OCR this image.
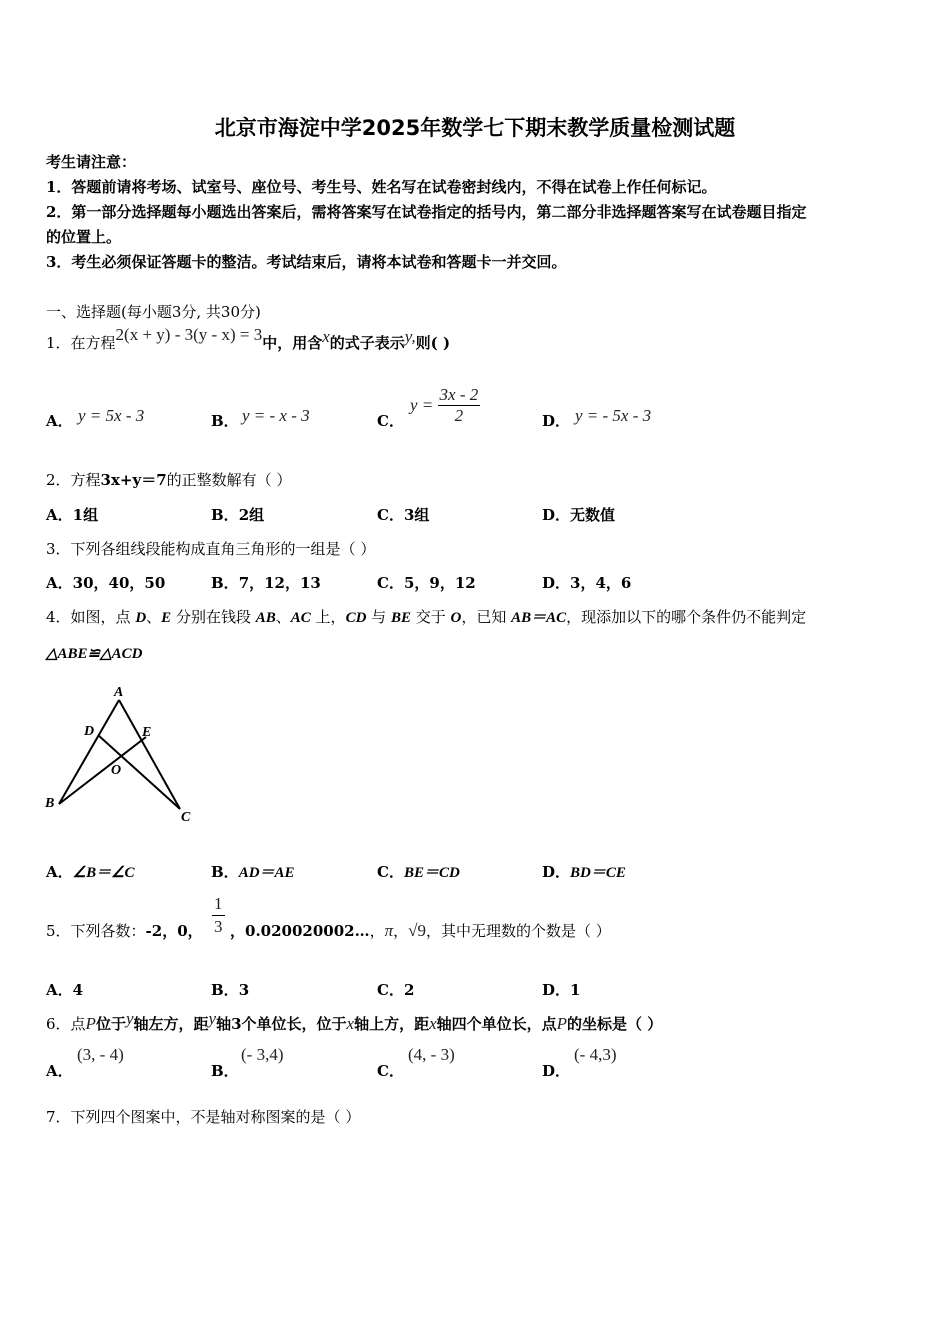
北京市海淀中学2025年数学七下期末教学质量检测试题
考生请注意：
1．答题前请将考场、试室号、座位号、考生号、姓名写在试卷密封线内，不得在试卷上作任何标记。
2．第一部分选择题每小题选出答案后，需将答案写在试卷指定的括号内，第二部分非选择题答案写在试卷题目指定
的位置上。
3．考生必须保证答题卡的整洁。考试结束后，请将本试卷和答题卡一并交回。
一、选择题(每小题3分, 共30分)
1．在方程2(x + y) - 3(y - x) = 3中，用含x的式子表示y,则( )
A． y = 5x - 3	B． y = - x - 3	C．
$y = \frac{3x - 2}{2}$	D． y = - 5x - 3
2．方程3x+y＝7的正整数解有（ ）
A．1组	B．2组	C．3组	D．无数值
3．下列各组线段能构成直角三角形的一组是（ ）
A．30，40，50	B．7，12，13	C．5，9，12	D．3，4，6
4．如图，点 D、E 分别在钱段 AB、AC 上，CD 与 BE 交于 O，已知 AB＝AC，现添加以下的哪个条件仍不能判定
△ABE≌△ACD
A
D	E
O
B
C
A．∠B＝∠C	B．AD＝AE	C．BE＝CD	D．BD＝CE
5．下列各数：-2，0， $\frac{1}{3}$ ，0.020020002…，π，√9，其中无理数的个数是（ ）
A．4	B．3	C．2	D．1
6．点P位于y轴左方，距y轴3个单位长，位于x轴上方，距x轴四个单位长，点P的坐标是（ ）
A．
(3, - 4)
B．
(- 3,4)
C．
(4, - 3)
D．
(- 4,3)
7．下列四个图案中，不是轴对称图案的是（ ）
